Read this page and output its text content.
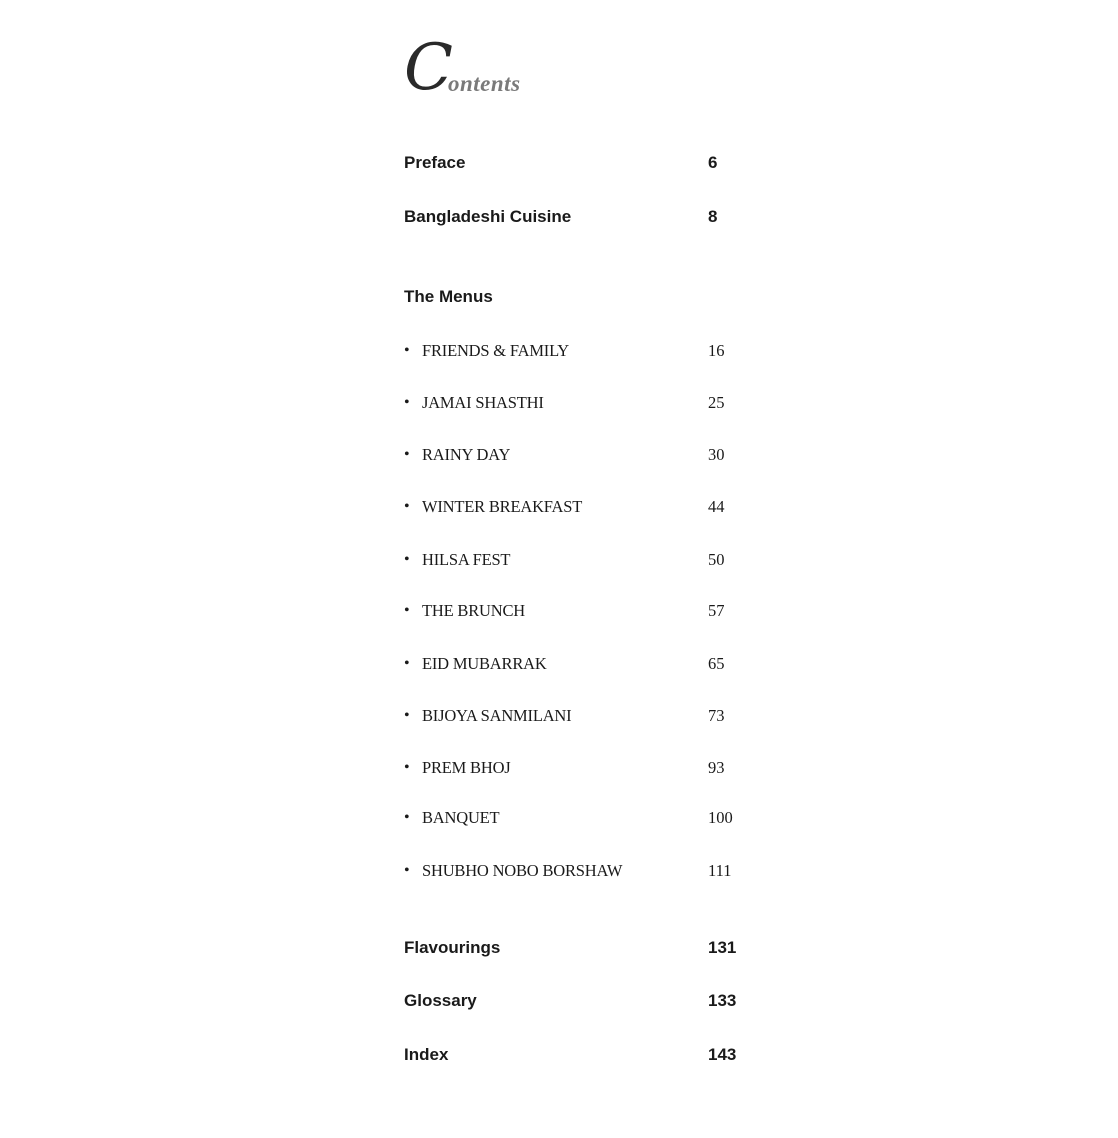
C
ontents
Preface	6
Bangladeshi Cuisine	8
The Menus
• FRIENDS & FAMILY	16
• JAMAI SHASTHI	25
• RAINY DAY	30
• WINTER BREAKFAST	44
• HILSA FEST	50
• THE BRUNCH	57
• EID MUBARRAK	65
• BIJOYA SANMILANI	73
• PREM BHOJ	93
• BANQUET	100
• SHUBHO NOBO BORSHAW	111
Flavourings	131
Glossary	133
Index	143
